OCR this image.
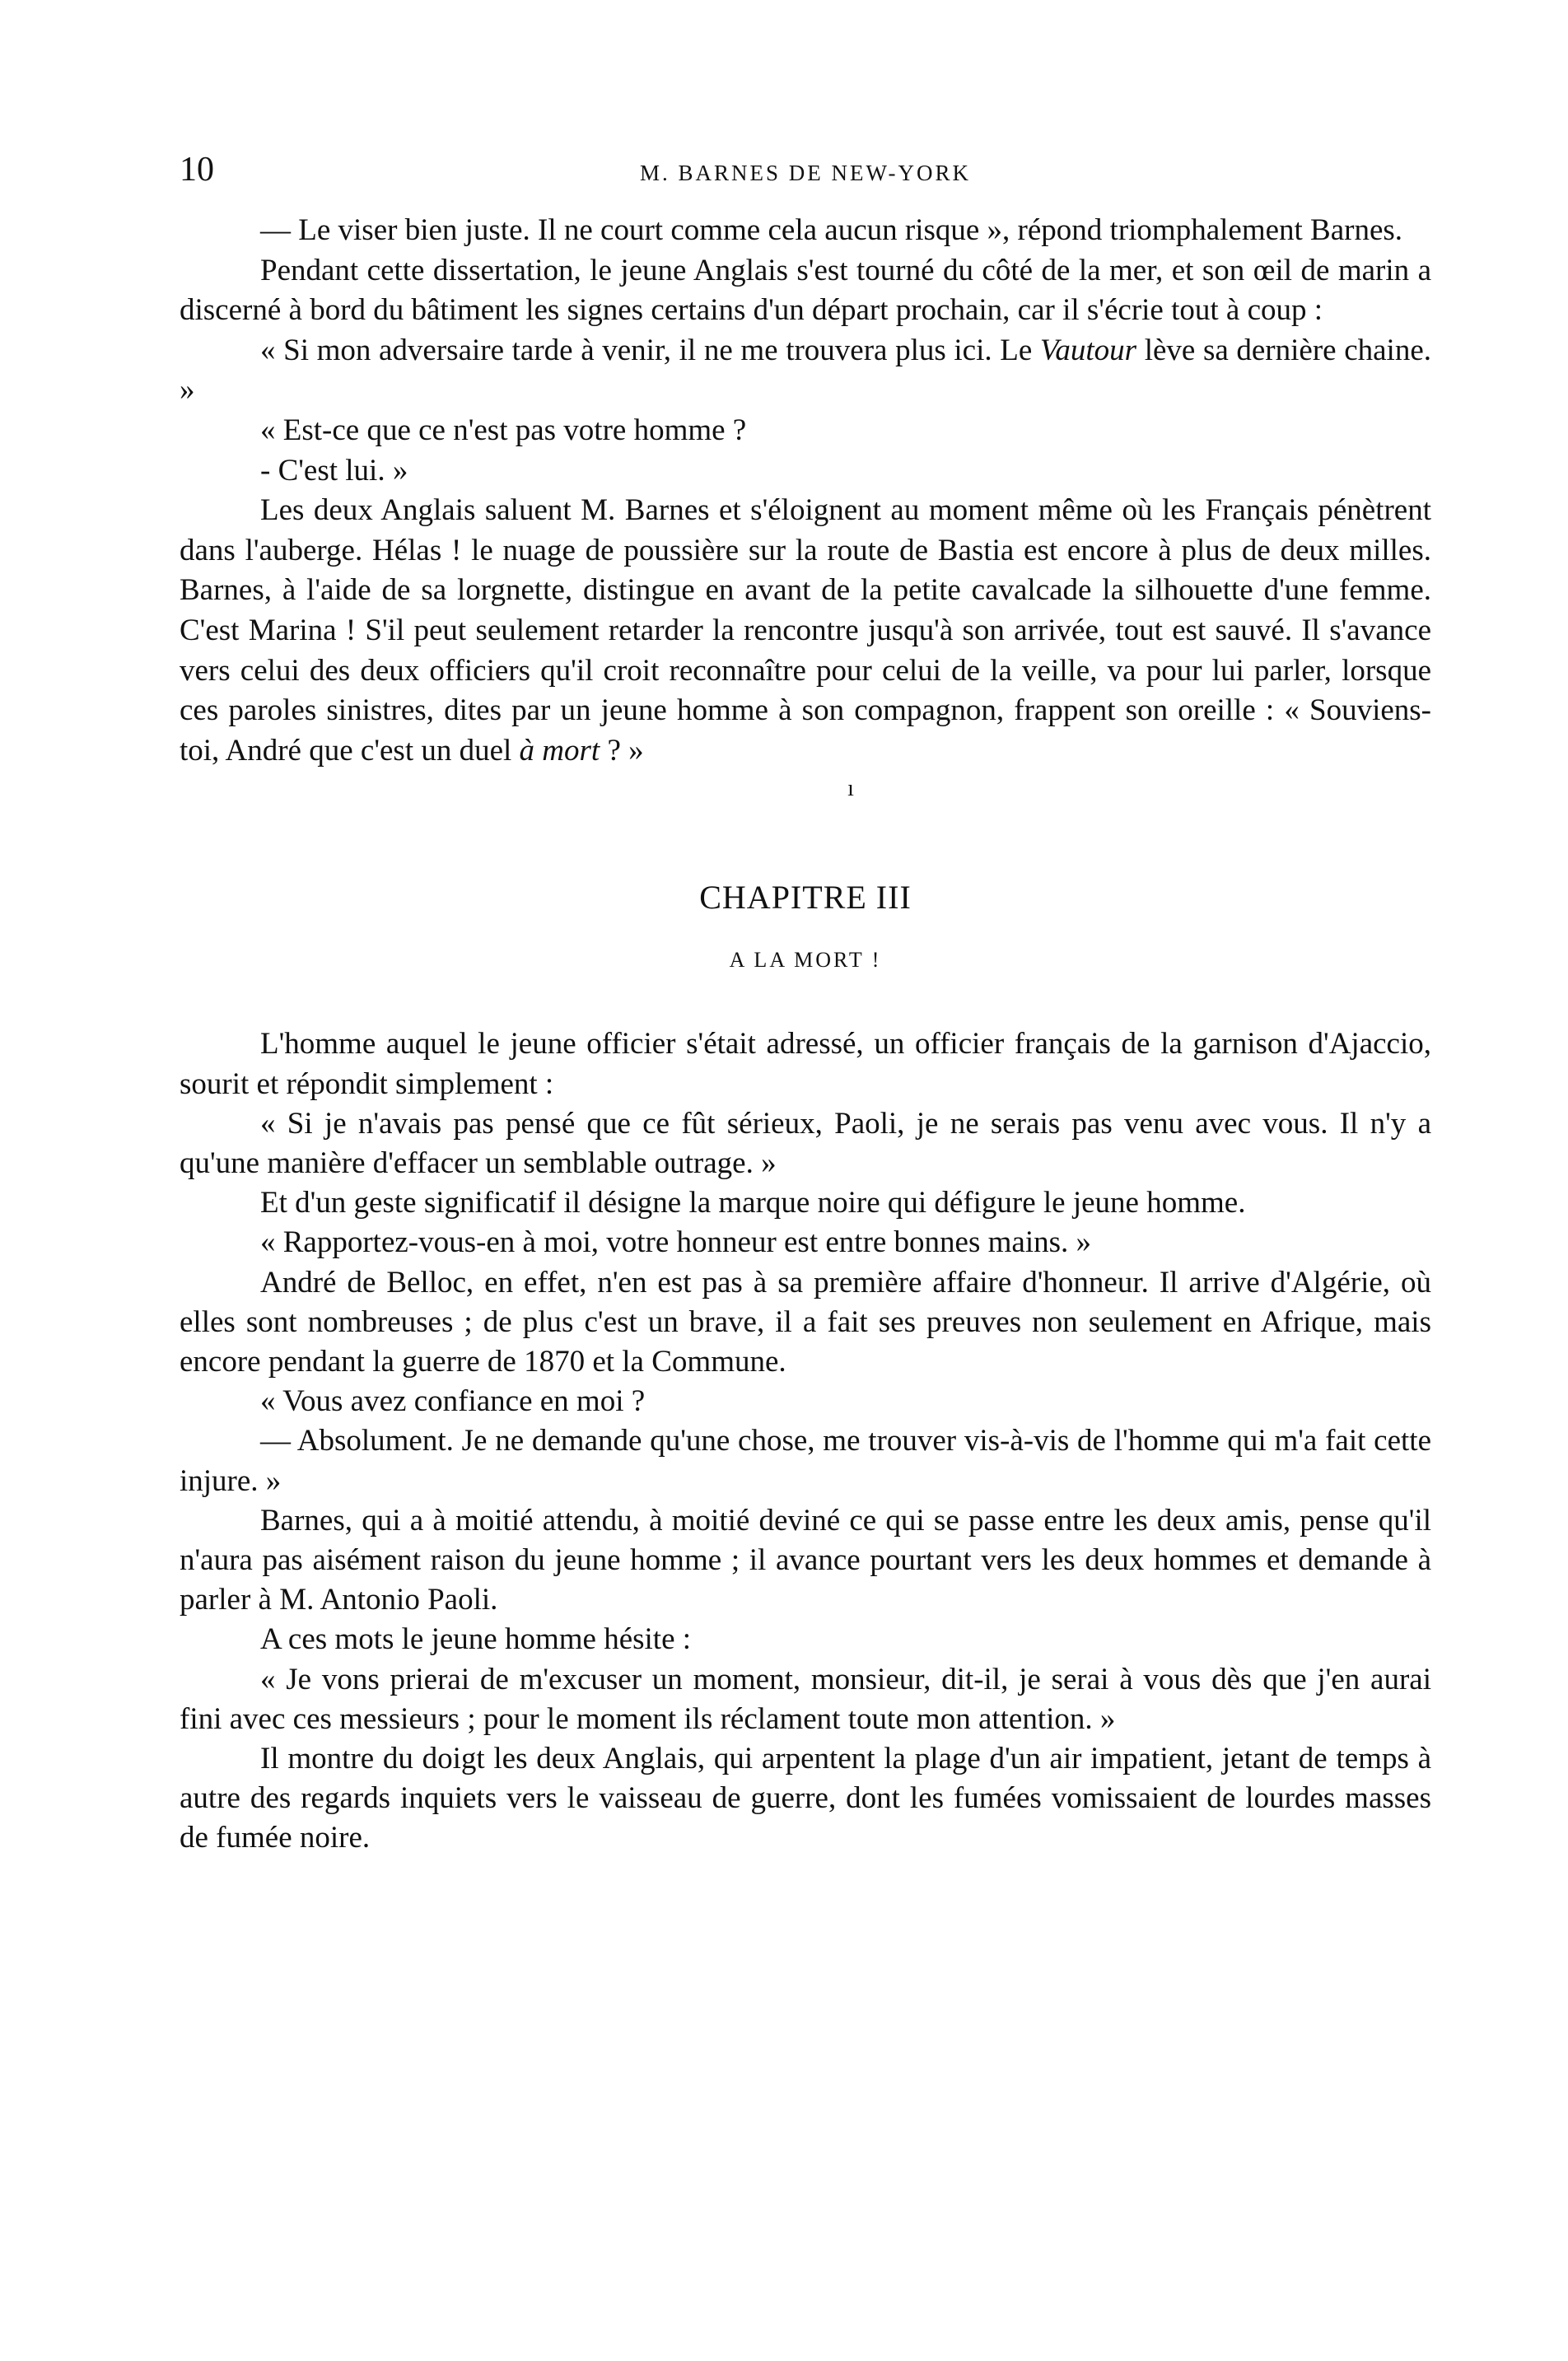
10	M. BARNES DE NEW-YORK

— Le viser bien juste. Il ne court comme cela aucun risque », répond triomphalement Barnes.

Pendant cette dissertation, le jeune Anglais s'est tourné du côté de la mer, et son œil de marin a discerné à bord du bâtiment les signes certains d'un départ prochain, car il s'écrie tout à coup :

« Si mon adversaire tarde à venir, il ne me trouvera plus ici. Le Vautour lève sa dernière chaine. »

« Est-ce que ce n'est pas votre homme ?

- C'est lui. »

Les deux Anglais saluent M. Barnes et s'éloignent au moment même où les Français pénètrent dans l'auberge. Hélas ! le nuage de poussière sur la route de Bastia est encore à plus de deux milles. Barnes, à l'aide de sa lorgnette, distingue en avant de la petite cavalcade la silhouette d'une femme. C'est Marina ! S'il peut seulement retarder la rencontre jusqu'à son arrivée, tout est sauvé. Il s'avance vers celui des deux officiers qu'il croit reconnaître pour celui de la veille, va pour lui parler, lorsque ces paroles sinistres, dites par un jeune homme à son compagnon, frappent son oreille : « Souviens-toi, André que c'est un duel à mort ? »

ı
CHAPITRE III
A LA MORT !

L'homme auquel le jeune officier s'était adressé, un officier français de la garnison d'Ajaccio, sourit et répondit simplement :

« Si je n'avais pas pensé que ce fût sérieux, Paoli, je ne serais pas venu avec vous. Il n'y a qu'une manière d'effacer un semblable outrage. »

Et d'un geste significatif il désigne la marque noire qui défigure le jeune homme.

« Rapportez-vous-en à moi, votre honneur est entre bonnes mains. »

André de Belloc, en effet, n'en est pas à sa première affaire d'honneur. Il arrive d'Algérie, où elles sont nombreuses ; de plus c'est un brave, il a fait ses preuves non seulement en Afrique, mais encore pendant la guerre de 1870 et la Commune.

« Vous avez confiance en moi ?

— Absolument. Je ne demande qu'une chose, me trouver vis-à-vis de l'homme qui m'a fait cette injure. »

Barnes, qui a à moitié attendu, à moitié deviné ce qui se passe entre les deux amis, pense qu'il n'aura pas aisément raison du jeune homme ; il avance pourtant vers les deux hommes et demande à parler à M. Antonio Paoli.

A ces mots le jeune homme hésite :

« Je vons prierai de m'excuser un moment, monsieur, dit-il, je serai à vous dès que j'en aurai fini avec ces messieurs ; pour le moment ils réclament toute mon attention. »

Il montre du doigt les deux Anglais, qui arpentent la plage d'un air impatient, jetant de temps à autre des regards inquiets vers le vaisseau de guerre, dont les fumées vomissaient de lourdes masses de fumée noire.
